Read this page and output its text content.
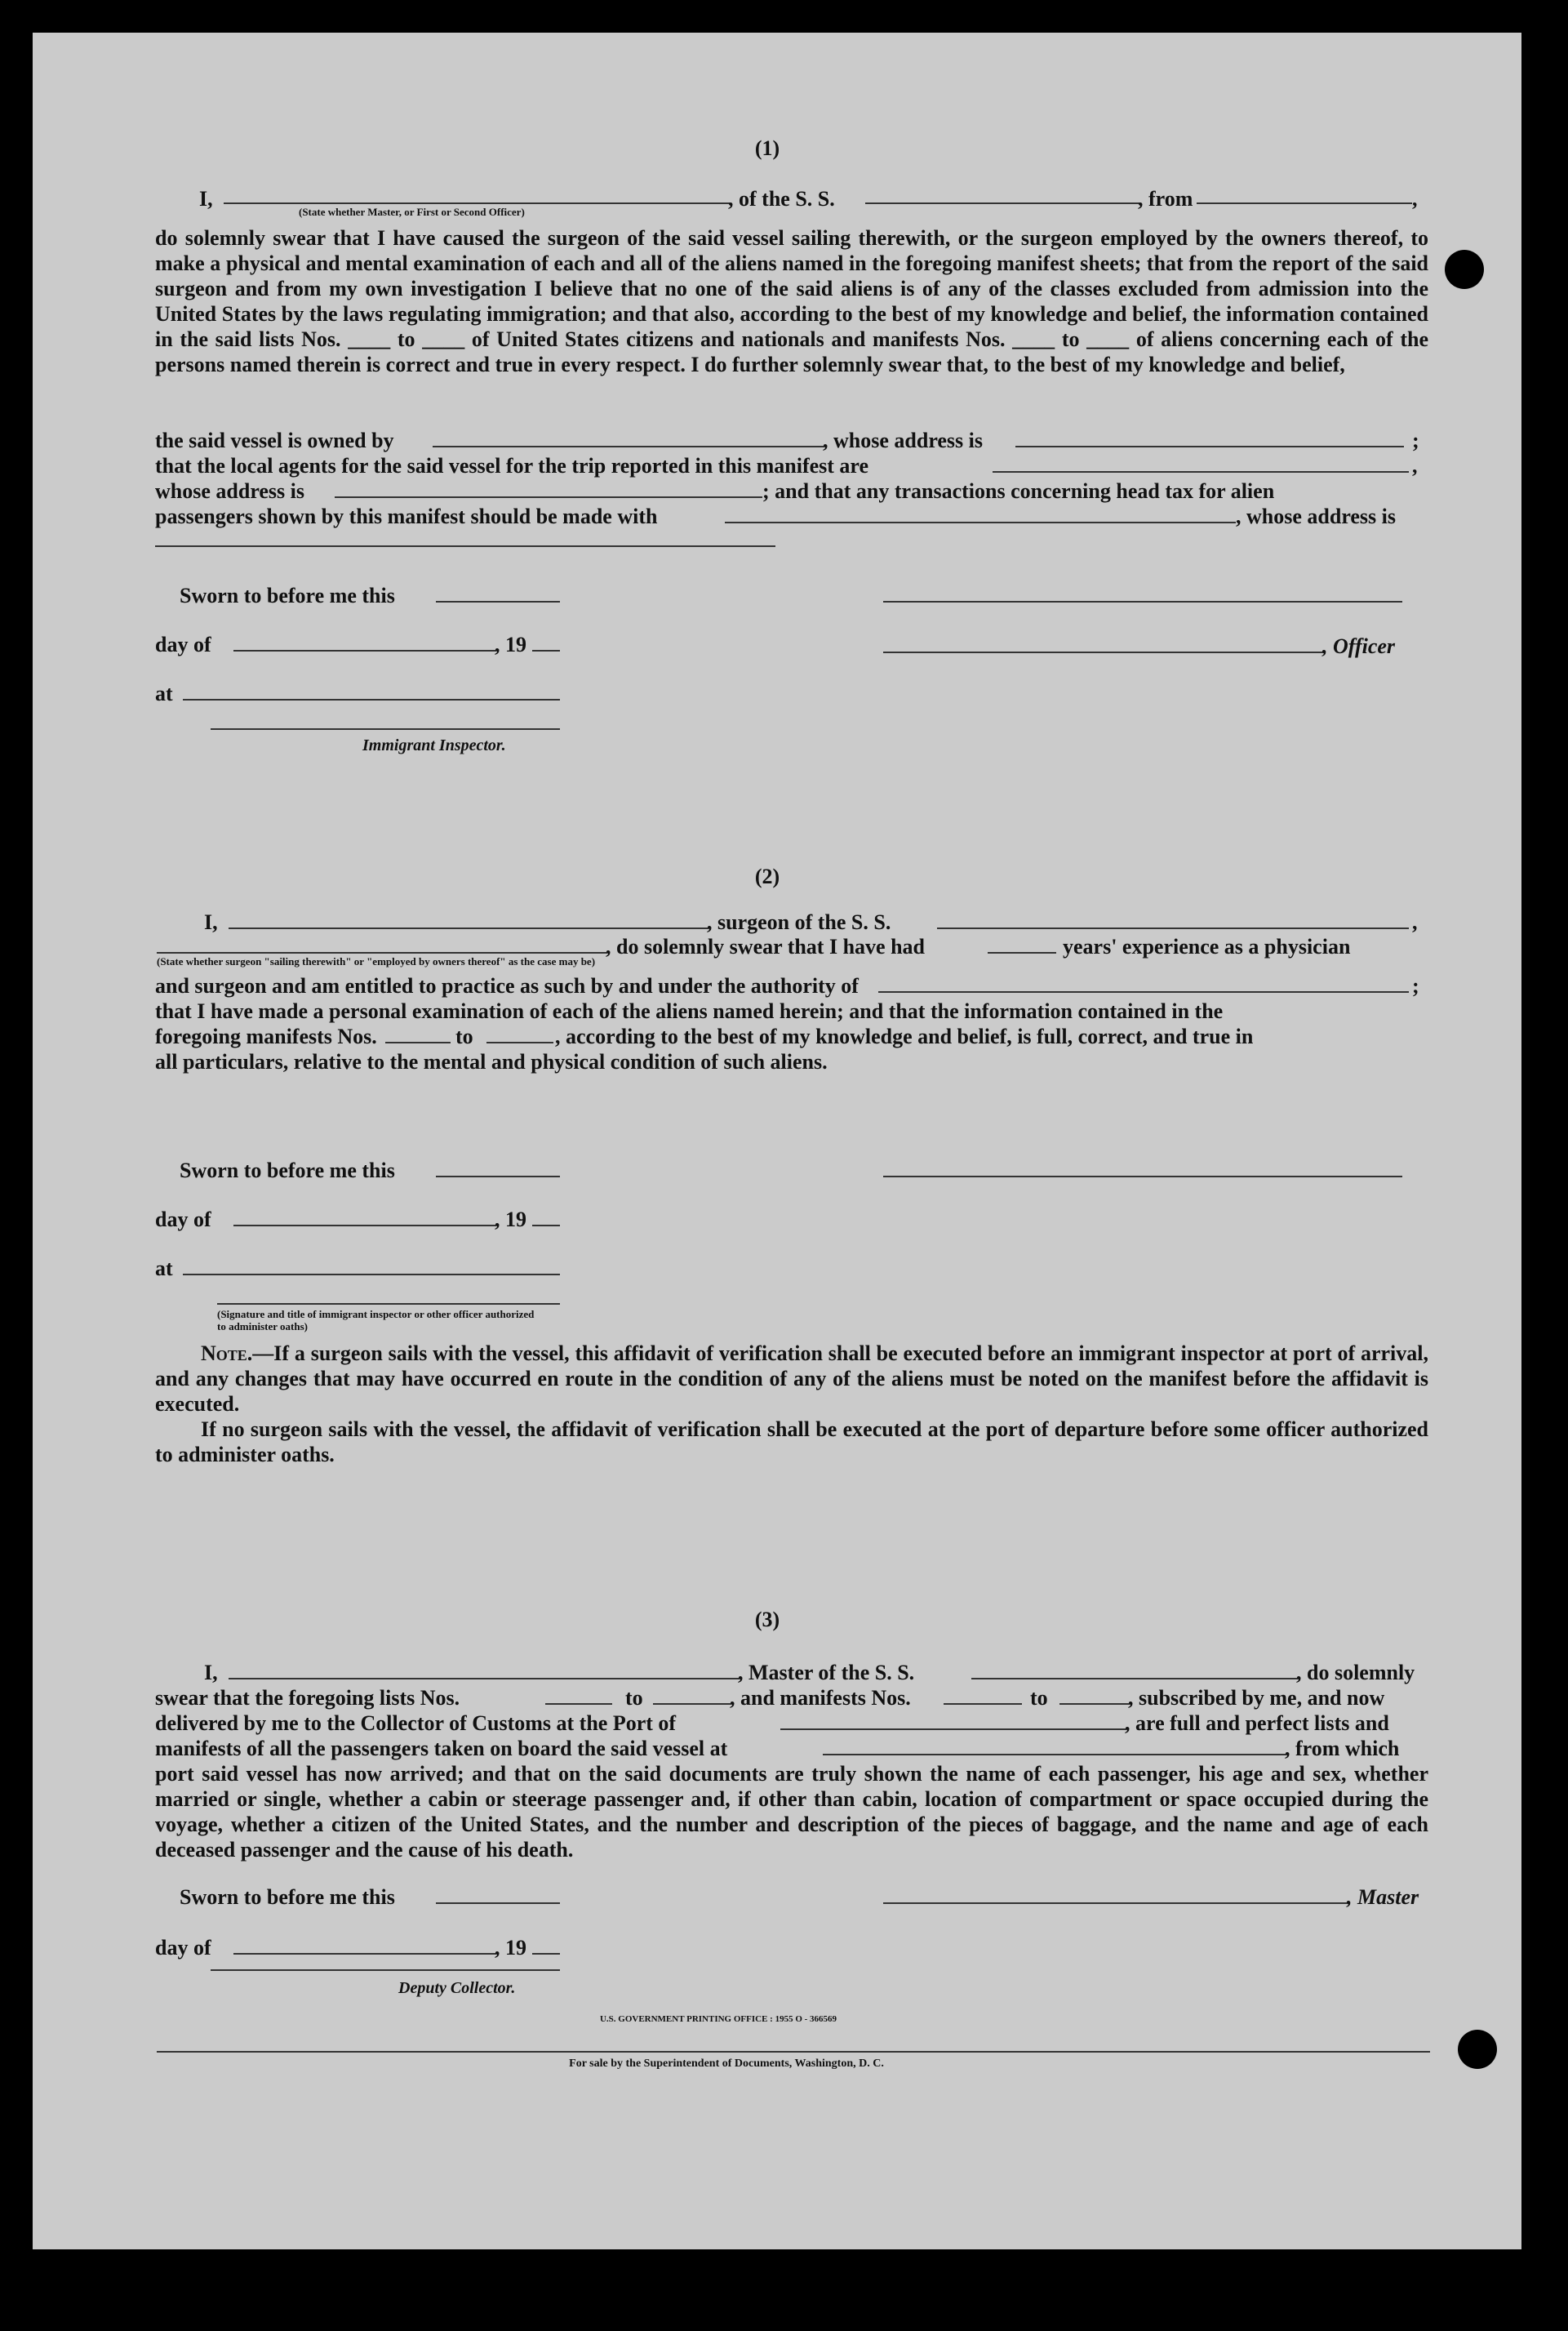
(1)
I,
(State whether Master, or First or Second Officer)
, of the S. S.	, from	,
do solemnly swear that I have caused the surgeon of the said vessel sailing therewith, or the surgeon employed by the owners thereof, to make a physical and mental examination of each and all of the aliens named in the foregoing manifest sheets; that from the report of the said surgeon and from my own investigation I believe that no one of the said aliens is of any of the classes excluded from admission into the United States by the laws regulating immigration; and that also, according to the best of my knowledge and belief, the information contained in the said lists Nos. ____ to ____ of United States citizens and nationals and manifests Nos. ____ to ____ of aliens concerning each of the persons named therein is correct and true in every respect. I do further solemnly swear that, to the best of my knowledge and belief,
the said vessel is owned by	, whose address is	;
that the local agents for the said vessel for the trip reported in this manifest are	,
whose address is	; and that any transactions concerning head tax for alien
passengers shown by this manifest should be made with	, whose address is
Sworn to before me this
day of	, 19	, Officer
at
Immigrant Inspector.
(2)
I,	, surgeon of the S. S.	,
(State whether surgeon "sailing therewith" or "employed by owners thereof" as the case may be)
, do solemnly swear that I have had	years' experience as a physician
and surgeon and am entitled to practice as such by and under the authority of	;
that I have made a personal examination of each of the aliens named herein; and that the information contained in the
foregoing manifests Nos.	to	, according to the best of my knowledge and belief, is full, correct, and true in
all particulars, relative to the mental and physical condition of such aliens.
Sworn to before me this
day of	, 19
at
(Signature and title of immigrant inspector or other officer authorized to administer oaths)
Note.—If a surgeon sails with the vessel, this affidavit of verification shall be executed before an immigrant inspector at port of arrival, and any changes that may have occurred en route in the condition of any of the aliens must be noted on the manifest before the affidavit is executed.
If no surgeon sails with the vessel, the affidavit of verification shall be executed at the port of departure before some officer authorized to administer oaths.
(3)
I,	, Master of the S. S.	, do solemnly
swear that the foregoing lists Nos.	to	, and manifests Nos.	to	, subscribed by me, and now
delivered by me to the Collector of Customs at the Port of	, are full and perfect lists and
manifests of all the passengers taken on board the said vessel at	, from which
port said vessel has now arrived; and that on the said documents are truly shown the name of each passenger, his age and sex, whether married or single, whether a cabin or steerage passenger and, if other than cabin, location of compartment or space occupied during the voyage, whether a citizen of the United States, and the number and description of the pieces of baggage, and the name and age of each deceased passenger and the cause of his death.
Sworn to before me this	, Master
day of	, 19
Deputy Collector.
U.S. GOVERNMENT PRINTING OFFICE : 1955 O - 366569
For sale by the Superintendent of Documents, Washington, D. C.
